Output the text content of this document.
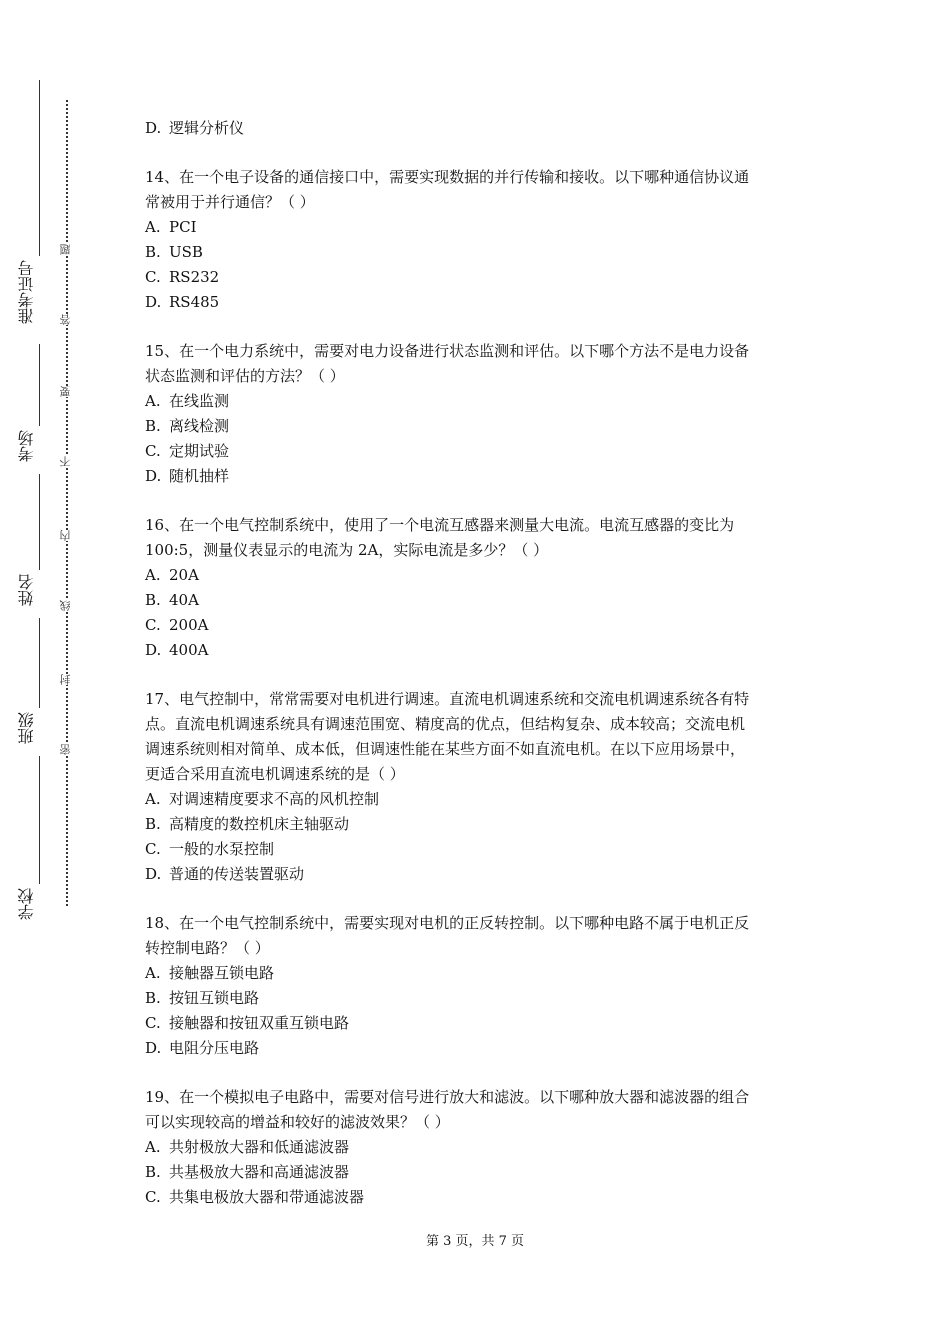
准考证号
考场
姓名
班级
学校
题
答
要
不
内
线
封
密
D. 逻辑分析仪
14、在一个电子设备的通信接口中，需要实现数据的并行传输和接收。以下哪种通信协议通
常被用于并行通信？（ ）
A. PCI
B. USB
C. RS232
D. RS485
15、在一个电力系统中，需要对电力设备进行状态监测和评估。以下哪个方法不是电力设备
状态监测和评估的方法？（ ）
A. 在线监测
B. 离线检测
C. 定期试验
D. 随机抽样
16、在一个电气控制系统中，使用了一个电流互感器来测量大电流。电流互感器的变比为
100:5，测量仪表显示的电流为 2A，实际电流是多少？（ ）
A. 20A
B. 40A
C. 200A
D. 400A
17、电气控制中，常常需要对电机进行调速。直流电机调速系统和交流电机调速系统各有特
点。直流电机调速系统具有调速范围宽、精度高的优点，但结构复杂、成本较高；交流电机
调速系统则相对简单、成本低，但调速性能在某些方面不如直流电机。在以下应用场景中，
更适合采用直流电机调速系统的是（ ）
A. 对调速精度要求不高的风机控制
B. 高精度的数控机床主轴驱动
C. 一般的水泵控制
D. 普通的传送装置驱动
18、在一个电气控制系统中，需要实现对电机的正反转控制。以下哪种电路不属于电机正反
转控制电路？（ ）
A. 接触器互锁电路
B. 按钮互锁电路
C. 接触器和按钮双重互锁电路
D. 电阻分压电路
19、在一个模拟电子电路中，需要对信号进行放大和滤波。以下哪种放大器和滤波器的组合
可以实现较高的增益和较好的滤波效果？（ ）
A. 共射极放大器和低通滤波器
B. 共基极放大器和高通滤波器
C. 共集电极放大器和带通滤波器
第 3 页，共 7 页
